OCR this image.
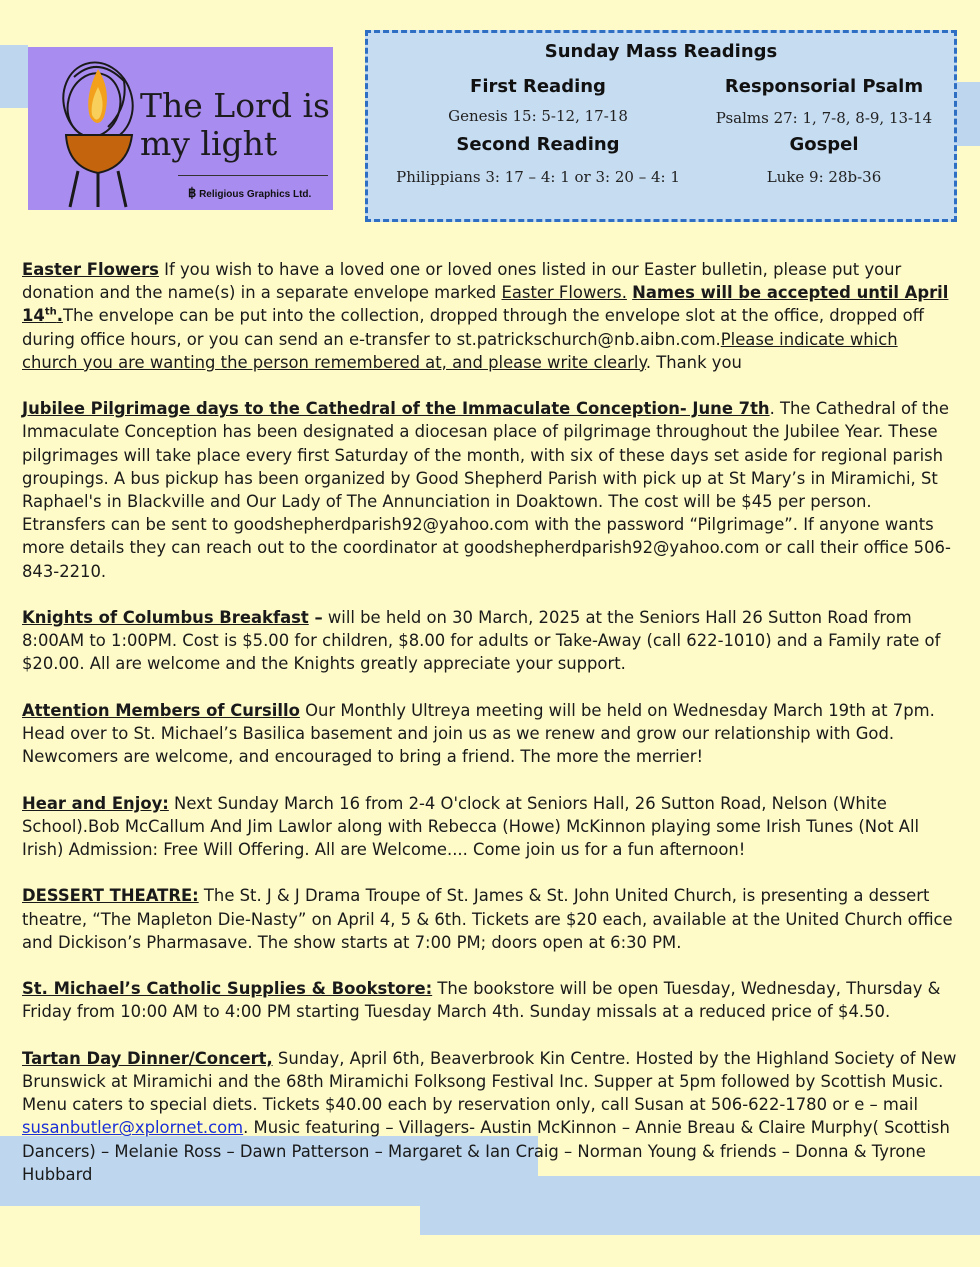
The Lord is my light
฿ Religious Graphics Ltd.
Sunday Mass Readings
First Reading
Genesis 15: 5-12, 17-18
Responsorial Psalm
Psalms 27: 1, 7-8, 8-9, 13-14
Second Reading
Philippians 3: 17 – 4: 1 or 3: 20 – 4: 1
Gospel
Luke 9: 28b-36

Easter Flowers If you wish to have a loved one or loved ones listed in our Easter bulletin, please put your donation and the name(s) in a separate envelope marked Easter Flowers. Names will be accepted until April 14th.The envelope can be put into the collection, dropped through the envelope slot at the office, dropped off during office hours, or you can send an e-transfer to st.patrickschurch@nb.aibn.com.Please indicate which church you are wanting the person remembered at, and please write clearly. Thank you

Jubilee Pilgrimage days to the Cathedral of the Immaculate Conception- June 7th. The Cathedral of the Immaculate Conception has been designated a diocesan place of pilgrimage throughout the Jubilee Year. These pilgrimages will take place every first Saturday of the month, with six of these days set aside for regional parish groupings. A bus pickup has been organized by Good Shepherd Parish with pick up at St Mary’s in Miramichi, St Raphael's in Blackville and Our Lady of The Annunciation in Doaktown. The cost will be $45 per person. Etransfers can be sent to goodshepherdparish92@yahoo.com with the password “Pilgrimage”. If anyone wants more details they can reach out to the coordinator at goodshepherdparish92@yahoo.com or call their office 506-843-2210.

Knights of Columbus Breakfast – will be held on 30 March, 2025 at the Seniors Hall 26 Sutton Road from 8:00AM to 1:00PM. Cost is $5.00 for children, $8.00 for adults or Take-Away (call 622-1010) and a Family rate of $20.00. All are welcome and the Knights greatly appreciate your support.

Attention Members of Cursillo Our Monthly Ultreya meeting will be held on Wednesday March 19th at 7pm. Head over to St. Michael’s Basilica basement and join us as we renew and grow our relationship with God. Newcomers are welcome, and encouraged to bring a friend. The more the merrier!

Hear and Enjoy: Next Sunday March 16 from 2-4 O'clock at Seniors Hall, 26 Sutton Road, Nelson (White School).Bob McCallum And Jim Lawlor along with Rebecca (Howe) McKinnon playing some Irish Tunes (Not All Irish) Admission: Free Will Offering. All are Welcome.... Come join us for a fun afternoon!

DESSERT THEATRE: The St. J & J Drama Troupe of St. James & St. John United Church, is presenting a dessert theatre, “The Mapleton Die-Nasty” on April 4, 5 & 6th. Tickets are $20 each, available at the United Church office and Dickison’s Pharmasave. The show starts at 7:00 PM; doors open at 6:30 PM.

St. Michael’s Catholic Supplies & Bookstore: The bookstore will be open Tuesday, Wednesday, Thursday & Friday from 10:00 AM to 4:00 PM starting Tuesday March 4th. Sunday missals at a reduced price of $4.50.

Tartan Day Dinner/Concert, Sunday, April 6th, Beaverbrook Kin Centre. Hosted by the Highland Society of New Brunswick at Miramichi and the 68th Miramichi Folksong Festival Inc. Supper at 5pm followed by Scottish Music. Menu caters to special diets. Tickets $40.00 each by reservation only, call Susan at 506-622-1780 or e – mail susanbutler@xplornet.com. Music featuring – Villagers- Austin McKinnon – Annie Breau & Claire Murphy( Scottish Dancers) – Melanie Ross – Dawn Patterson – Margaret & Ian Craig – Norman Young & friends – Donna & Tyrone Hubbard
